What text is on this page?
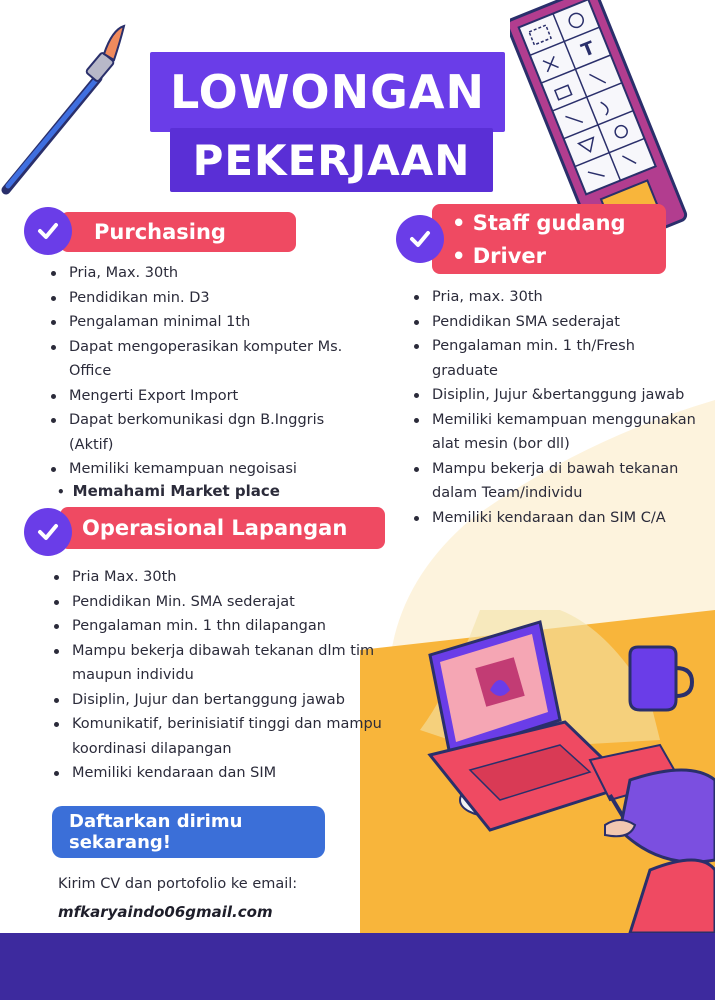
T
LOWONGAN
PEKERJAAN
Purchasing
Pria, Max. 30th
Pendidikan min. D3
Pengalaman minimal 1th
Dapat mengoperasikan komputer Ms. Office
Mengerti Export Import
Dapat berkomunikasi dgn B.Inggris (Aktif)
Memiliki kemampuan negoisasi
• Memahami Market place
• Staff gudang
• Driver
Pria, max. 30th
Pendidikan SMA sederajat
Pengalaman min. 1 th/Fresh graduate
Disiplin, Jujur &bertanggung jawab
Memiliki kemampuan menggunakan alat mesin (bor dll)
Mampu bekerja di bawah tekanan dalam Team/individu
Memiliki kendaraan dan SIM C/A
Operasional Lapangan
Pria Max. 30th
Pendidikan Min. SMA sederajat
Pengalaman min. 1 thn dilapangan
Mampu bekerja dibawah tekanan dlm tim maupun individu
Disiplin, Jujur dan bertanggung jawab
Komunikatif, berinisiatif tinggi dan mampu koordinasi dilapangan
Memiliki kendaraan dan SIM
Daftarkan dirimu sekarang!
Kirim CV dan portofolio ke email:
mfkaryaindo06gmail.com
